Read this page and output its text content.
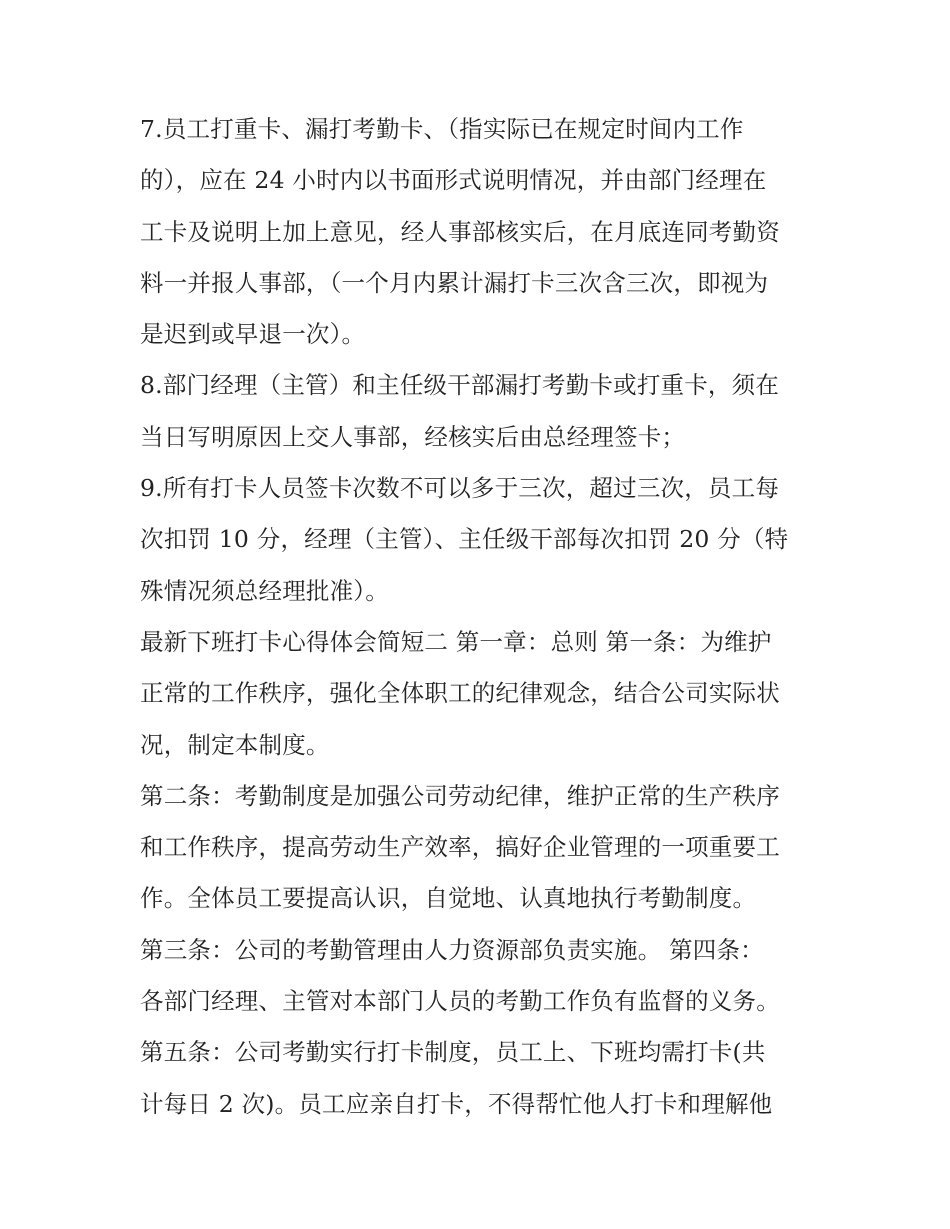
7.员工打重卡、漏打考勤卡、（指实际已在规定时间内工作
的），应在 24 小时内以书面形式说明情况，并由部门经理在
工卡及说明上加上意见，经人事部核实后，在月底连同考勤资
料一并报人事部，（一个月内累计漏打卡三次含三次，即视为
是迟到或早退一次）。
8.部门经理（主管）和主任级干部漏打考勤卡或打重卡，须在
当日写明原因上交人事部，经核实后由总经理签卡；
9.所有打卡人员签卡次数不可以多于三次，超过三次，员工每
次扣罚 10 分，经理（主管）、主任级干部每次扣罚 20 分（特
殊情况须总经理批准）。
最新下班打卡心得体会简短二 第一章：总则 第一条：为维护
正常的工作秩序，强化全体职工的纪律观念，结合公司实际状
况，制定本制度。
第二条：考勤制度是加强公司劳动纪律，维护正常的生产秩序
和工作秩序，提高劳动生产效率，搞好企业管理的一项重要工
作。全体员工要提高认识，自觉地、认真地执行考勤制度。
第三条：公司的考勤管理由人力资源部负责实施。 第四条：
各部门经理、主管对本部门人员的考勤工作负有监督的义务。
第五条：公司考勤实行打卡制度，员工上、下班均需打卡(共
计每日 2 次)。员工应亲自打卡，不得帮忙他人打卡和理解他
